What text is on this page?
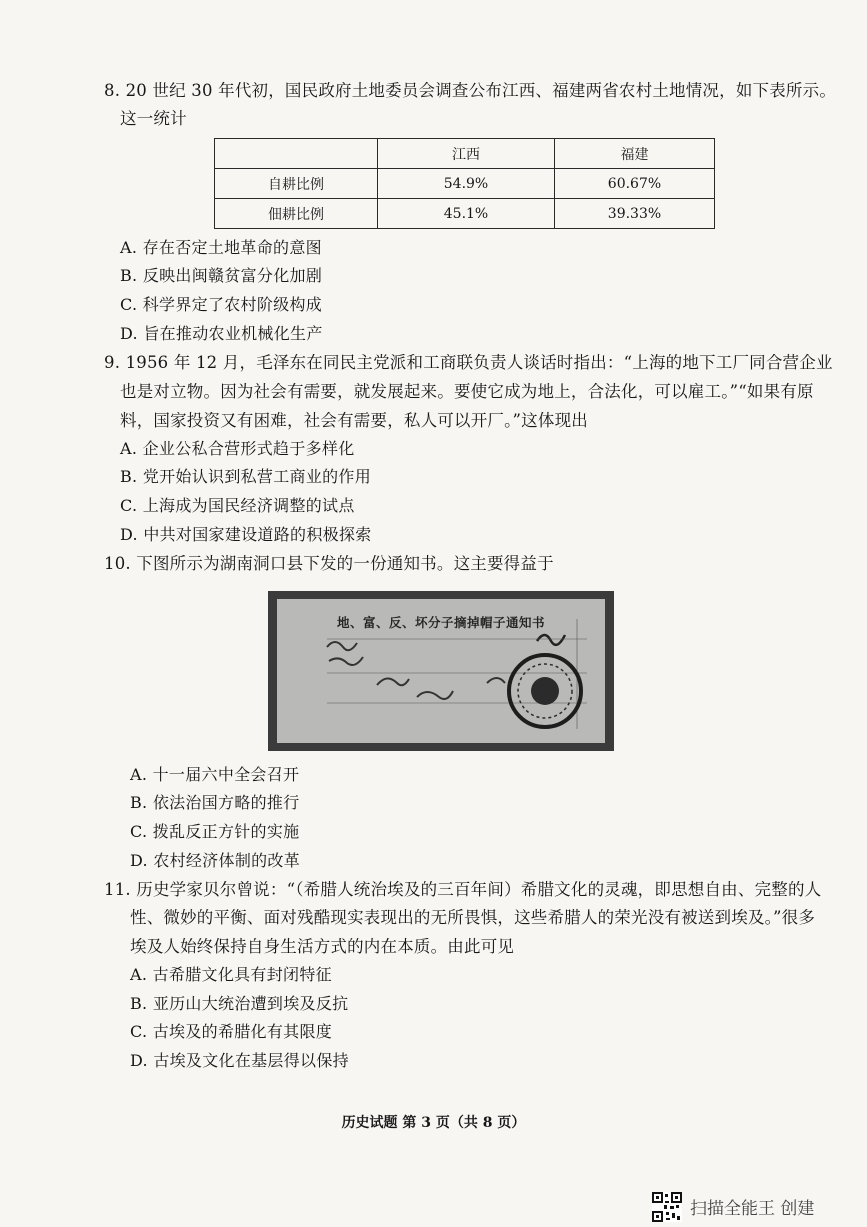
8. 20 世纪 30 年代初，国民政府土地委员会调查公布江西、福建两省农村土地情况，如下表所示。
这一统计
	江西	福建
自耕比例	54.9%	60.67%
佃耕比例	45.1%	39.33%
A. 存在否定土地革命的意图
B. 反映出闽赣贫富分化加剧
C. 科学界定了农村阶级构成
D. 旨在推动农业机械化生产
9. 1956 年 12 月，毛泽东在同民主党派和工商联负责人谈话时指出：“上海的地下工厂同合营企业
也是对立物。因为社会有需要，就发展起来。要使它成为地上，合法化，可以雇工。”“如果有原
料，国家投资又有困难，社会有需要，私人可以开厂。”这体现出
A. 企业公私合营形式趋于多样化
B. 党开始认识到私营工商业的作用
C. 上海成为国民经济调整的试点
D. 中共对国家建设道路的积极探索
10. 下图所示为湖南洞口县下发的一份通知书。这主要得益于
地、富、反、坏分子摘掉帽子通知书
A. 十一届六中全会召开
B. 依法治国方略的推行
C. 拨乱反正方针的实施
D. 农村经济体制的改革
11. 历史学家贝尔曾说：“（希腊人统治埃及的三百年间）希腊文化的灵魂，即思想自由、完整的人
性、微妙的平衡、面对残酷现实表现出的无所畏惧，这些希腊人的荣光没有被送到埃及。”很多
埃及人始终保持自身生活方式的内在本质。由此可见
A. 古希腊文化具有封闭特征
B. 亚历山大统治遭到埃及反抗
C. 古埃及的希腊化有其限度
D. 古埃及文化在基层得以保持
历史试题 第 3 页（共 8 页）
扫描全能王 创建
